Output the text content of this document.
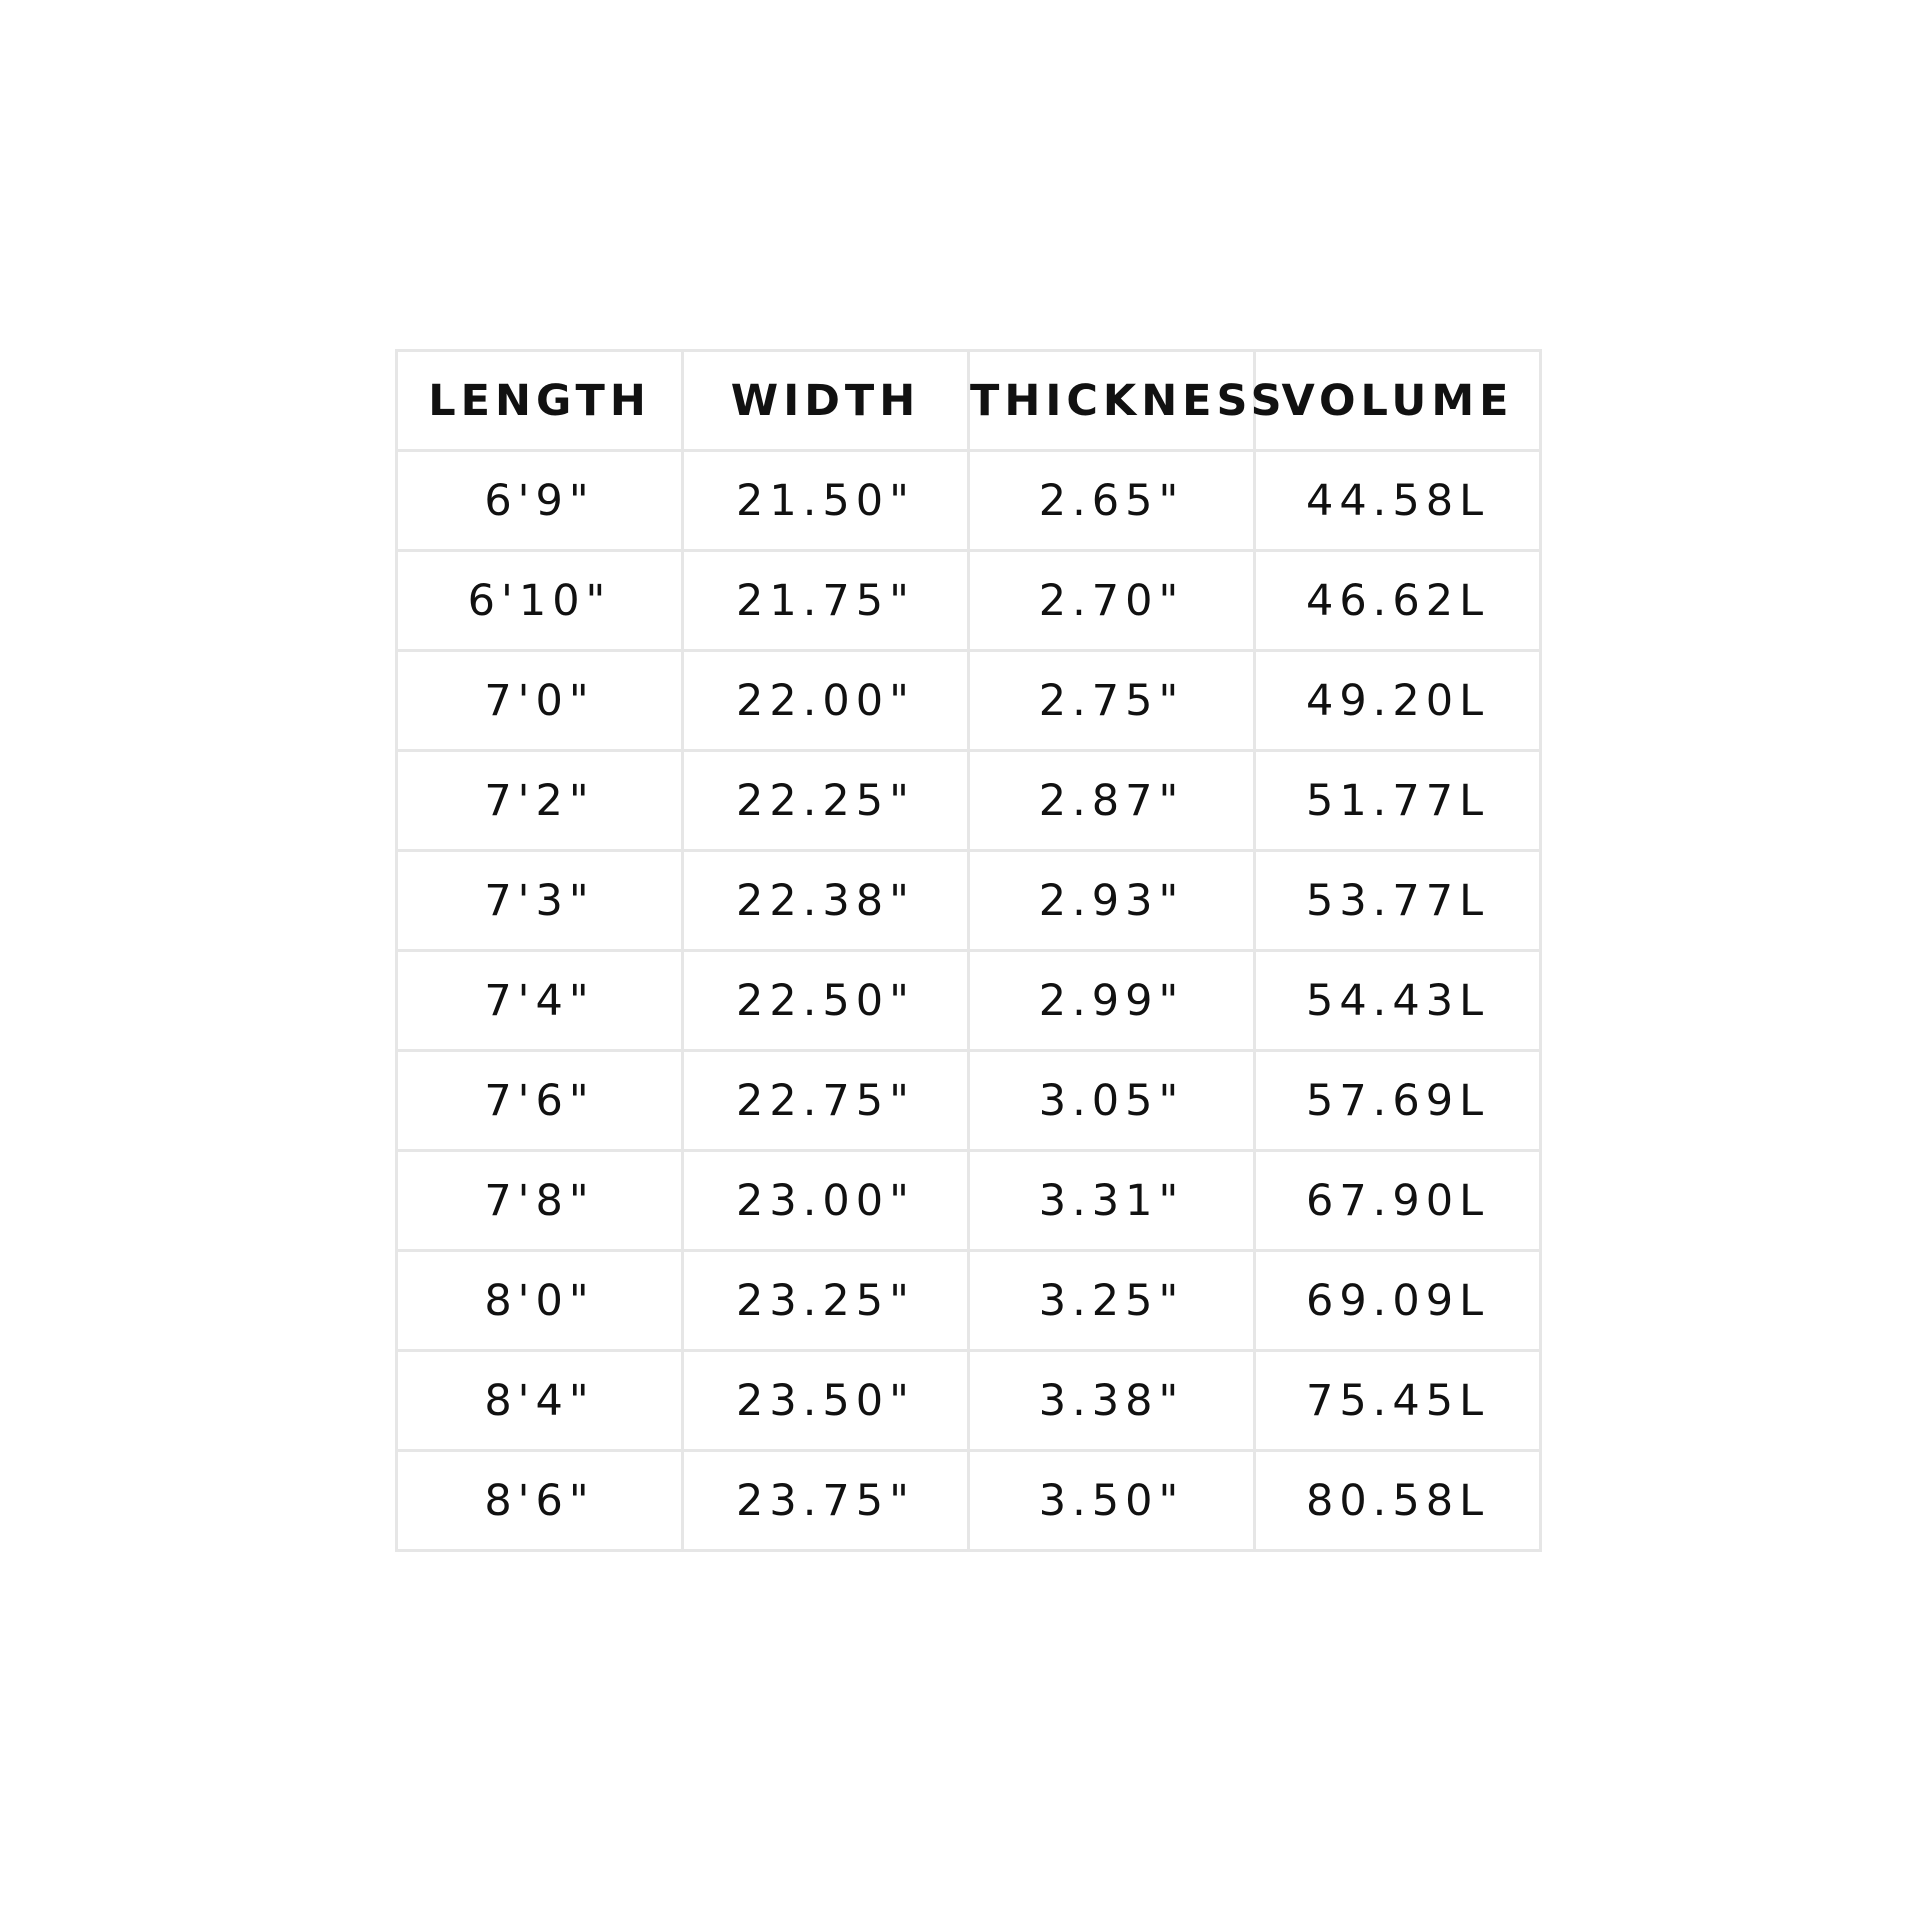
LENGTH	WIDTH	THICKNESS	VOLUME
6'9"	21.50"	2.65"	44.58L
6'10"	21.75"	2.70"	46.62L
7'0"	22.00"	2.75"	49.20L
7'2"	22.25"	2.87"	51.77L
7'3"	22.38"	2.93"	53.77L
7'4"	22.50"	2.99"	54.43L
7'6"	22.75"	3.05"	57.69L
7'8"	23.00"	3.31"	67.90L
8'0"	23.25"	3.25"	69.09L
8'4"	23.50"	3.38"	75.45L
8'6"	23.75"	3.50"	80.58L
